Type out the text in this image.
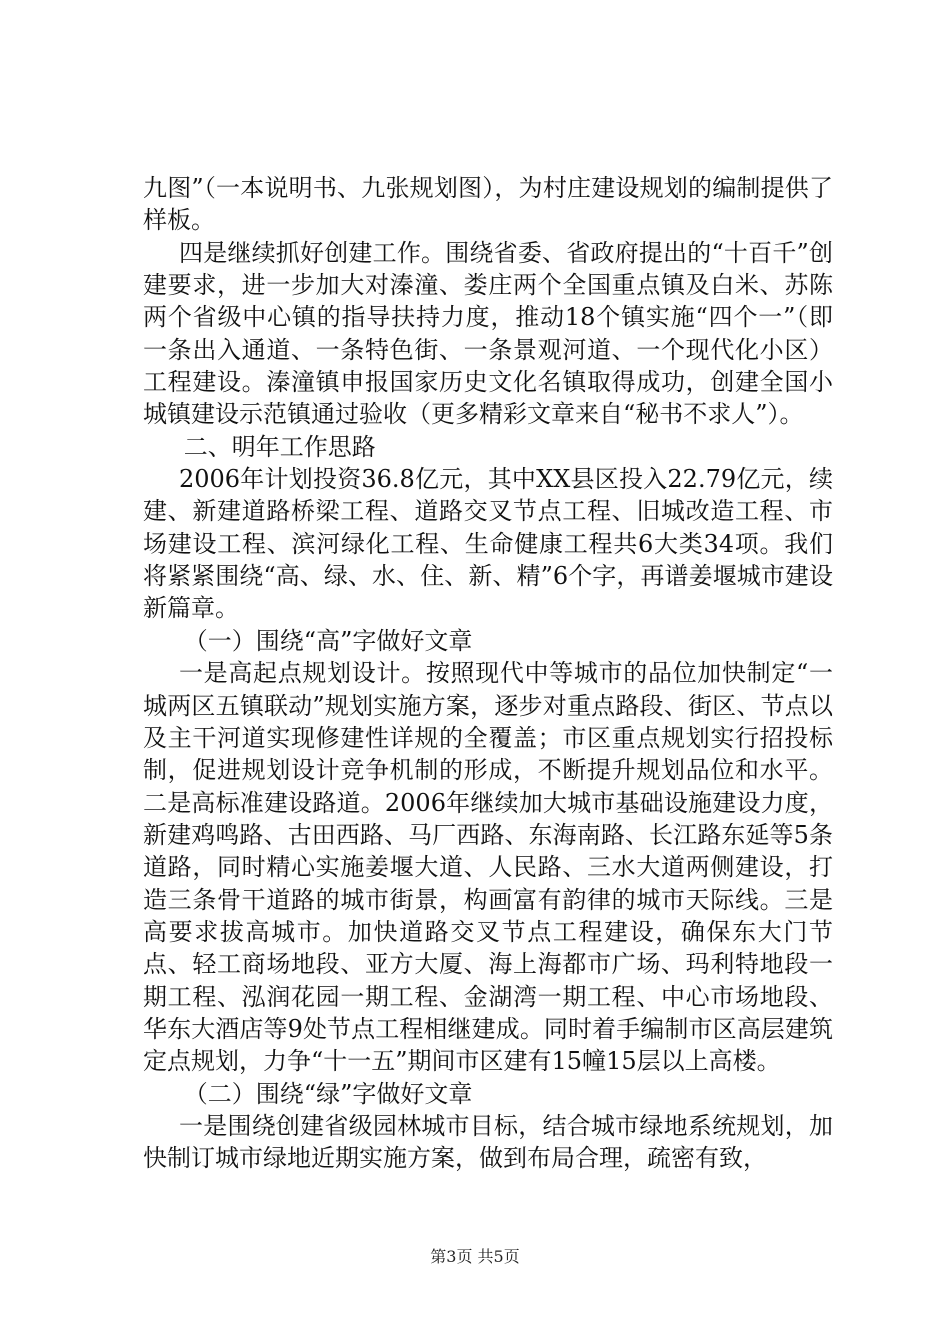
九图”（一本说明书、九张规划图），为村庄建设规划的编制提供了样板。

四是继续抓好创建工作。围绕省委、省政府提出的“十百千”创建要求，进一步加大对溱潼、娄庄两个全国重点镇及白米、苏陈两个省级中心镇的指导扶持力度，推动18个镇实施“四个一”（即一条出入通道、一条特色街、一条景观河道、一个现代化小区）工程建设。溱潼镇申报国家历史文化名镇取得成功，创建全国小城镇建设示范镇通过验收（更多精彩文章来自“秘书不求人”）。

二、明年工作思路

2006年计划投资36.8亿元，其中XX县区投入22.79亿元，续建、新建道路桥梁工程、道路交叉节点工程、旧城改造工程、市场建设工程、滨河绿化工程、生命健康工程共6大类34项。我们将紧紧围绕“高、绿、水、住、新、精”6个字，再谱姜堰城市建设新篇章。

（一）围绕“高”字做好文章

一是高起点规划设计。按照现代中等城市的品位加快制定“一城两区五镇联动”规划实施方案，逐步对重点路段、街区、节点以及主干河道实现修建性详规的全覆盖；市区重点规划实行招投标制，促进规划设计竞争机制的形成，不断提升规划品位和水平。二是高标准建设路道。2006年继续加大城市基础设施建设力度，新建鸡鸣路、古田西路、马厂西路、东海南路、长江路东延等5条道路，同时精心实施姜堰大道、人民路、三水大道两侧建设，打造三条骨干道路的城市街景，构画富有韵律的城市天际线。三是高要求拔高城市。加快道路交叉节点工程建设，确保东大门节点、轻工商场地段、亚方大厦、海上海都市广场、玛利特地段一期工程、泓润花园一期工程、金湖湾一期工程、中心市场地段、华东大酒店等9处节点工程相继建成。同时着手编制市区高层建筑定点规划，力争“十一五”期间市区建有15幢15层以上高楼。

（二）围绕“绿”字做好文章

一是围绕创建省级园林城市目标，结合城市绿地系统规划，加快制订城市绿地近期实施方案，做到布局合理，疏密有致，

第3页 共5页
